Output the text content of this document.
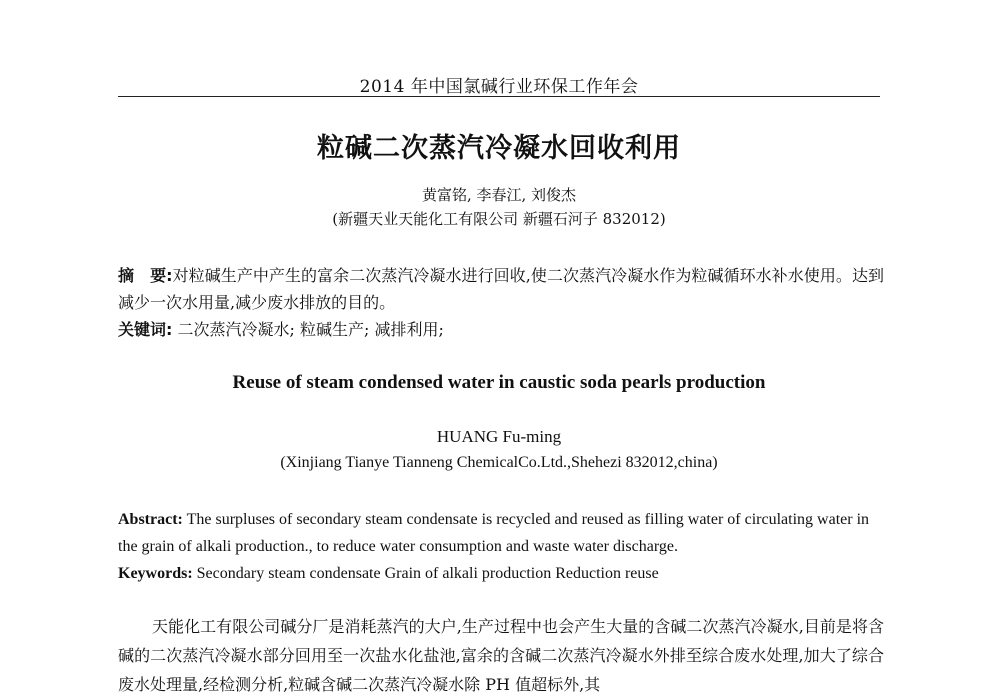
2014 年中国氯碱行业环保工作年会
粒碱二次蒸汽冷凝水回收利用
黄富铭, 李春江, 刘俊杰
(新疆天业天能化工有限公司 新疆石河子 832012)
摘　要:对粒碱生产中产生的富余二次蒸汽冷凝水进行回收,使二次蒸汽冷凝水作为粒碱循环水补水使用。达到减少一次水用量,减少废水排放的目的。
关键词: 二次蒸汽冷凝水; 粒碱生产; 减排利用;
Reuse of steam condensed water in caustic soda pearls production
HUANG Fu-ming
(Xinjiang Tianye Tianneng ChemicalCo.Ltd.,Shehezi 832012,china)
Abstract: The surpluses of secondary steam condensate is recycled and reused as filling water of circulating water in the grain of alkali production., to reduce water consumption and waste water discharge.
Keywords: Secondary steam condensate Grain of alkali production Reduction reuse
天能化工有限公司碱分厂是消耗蒸汽的大户,生产过程中也会产生大量的含碱二次蒸汽冷凝水,目前是将含碱的二次蒸汽冷凝水部分回用至一次盐水化盐池,富余的含碱二次蒸汽冷凝水外排至综合废水处理,加大了综合废水处理量,经检测分析,粒碱含碱二次蒸汽冷凝水除 PH 值超标外,其
